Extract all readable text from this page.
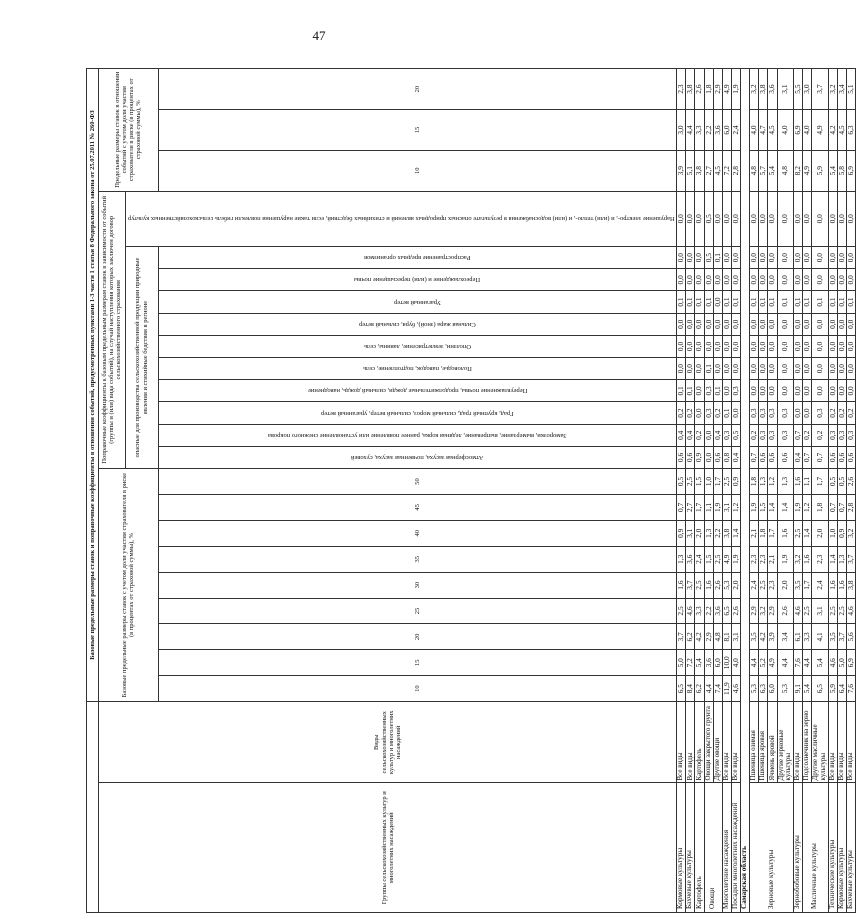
47
		Базовые предельные размеры ставок и поправочные коэффициенты в отношении событий, предусмотренных пунктами 1-3 части 1 статьи 8 Федерального закона от 25.07.2011 № 260-ФЗ																						
Группы сельскохозяйственных культур и многолетних насаждений	Виды сельскохозяйственных культур и многолетних насаждений	Базовые предельные размеры ставок с учетом доли участия страхователя в риске (в процентах от страховой суммы), %									Поправочные коэффициенты к базовым предельным размерам ставок в зависимости от событий (группы и (или) вида событий), на случай наступления которых заключен договор сельскохозяйственного страхования											Предельные размеры ставок в отношении событий с учетом доли участия страхователя в риске (в процентах от страховой суммы), %		
											опасные для производства сельскохозяйственной продукции природные явления и стихийные бедствия в регионе										Нарушение электро-, и (или) тепло-, и (или) водоснабжения в результате опасных природных явлений и стихийных бедствий, если такие нарушения повлекли гибель сельскохозяйственных культур			

		10	15	20	25	30	35	40	45	50	Атмосферная засуха, почвенная засуха, суховей	Заморозки, вымерзание, выпревание, ледяная корка, раннее появление или установление снежного покрова	Град, крупный град, сильный мороз, сильный ветер, ураганный ветер	Переувлажнение почвы, продолжительные дожди, сильный дождь, наводнение	Половодье, паводок, подтопление, сель	Оползни, землетрясение, лавины, сель	Сильная жара (зной), буря, сильный ветер	Ураганный ветер	Переохлаждение и (или) пересыщение почвы	Распространение вредных организмов		10	15	20
Кормовые культуры	Все виды	6,5	5,0	3,7	2,5	1,6	1,3	0,9	0,7	0,5	0,6	0,4	0,2	0,1	0,0	0,0	0,0	0,1	0,0	0,0	0,0	3,9	3,0	2,3
Бахчевые культуры	Все виды	8,4	7,2	6,2	4,6	3,7	3,6	3,1	2,7	2,5	0,6	0,4	0,2	0,1	0,0	0,0	0,0	0,1	0,0	0,0	0,0	5,1	4,4	3,8
Картофель	Картофель	6,2	5,4	4,2	3,3	2,5	2,4	2,0	1,7	1,5	0,9	0,2	0,0	0,0	0,0	0,0	0,0	0,1	0,0	0,0	0,0	3,8	3,3	2,6
Овощи	Овощи закрытого грунта	4,4	3,6	2,9	2,2	1,6	1,5	1,3	1,1	1,0	0,0	0,0	0,3	0,3	0,1	0,0	0,0	0,1	0,0	0,5	0,5	2,7	2,2	1,8
	Другие овощи	7,4	6,0	4,8	3,6	2,6	2,5	2,2	1,9	1,7	0,6	0,4	0,2	0,1	0,0	0,0	0,0	0,0	0,0	0,1	0,0	4,5	3,6	2,9
Многолетние насаждения	Все виды	11,9	10,0	8,1	6,5	5,3	4,9	3,8	3,1	2,5	0,8	0,3	0,1	0,0	0,0	0,0	0,0	0,1	0,0	0,0	0,0	7,2	6,0	4,9
Посадки многолетних насаждений	Все виды	4,6	4,0	3,1	2,6	2,0	1,9	1,4	1,2	0,9	0,4	0,5	0,0	0,3	0,0	0,0	0,0	0,1	0,0	0,0	0,0	2,8	2,4	1,9
Самарская область																								
Зерновые культуры	Пшеница озимая	5,3	4,4	3,5	2,9	2,4	2,3	2,1	1,9	1,8	0,7	0,2	0,3	0,0	0,0	0,0	0,0	0,1	0,0	0,0	0,0	4,8	4,0	3,2
	Пшеница яровая	6,3	5,2	4,2	3,2	2,5	2,3	1,8	1,5	1,3	0,6	0,3	0,3	0,0	0,0	0,0	0,0	0,1	0,0	0,0	0,0	5,7	4,7	3,8
	Ячмень яровой	6,0	4,9	3,9	2,9	2,3	2,1	1,7	1,4	1,2	0,6	0,3	0,3	0,0	0,0	0,0	0,0	0,1	0,0	0,0	0,0	5,4	4,5	3,6
	Другие зерновые культуры	5,3	4,4	3,4	2,6	2,0	1,9	1,6	1,4	1,3	0,6	0,3	0,3	0,0	0,0	0,0	0,0	0,1	0,0	0,0	0,0	4,8	4,0	3,1
Зернобобовые культуры	Все виды	9,1	7,6	6,1	4,6	3,5	3,2	2,5	1,9	1,6	0,4	0,7	0,0	0,0	0,0	0,0	0,0	0,1	0,0	0,0	0,0	8,2	6,9	5,5
Масличные культуры	Подсолнечник на зерно	5,4	4,4	3,3	2,5	1,7	1,6	1,4	1,2	1,1	0,7	0,2	0,0	0,0	0,0	0,0	0,0	0,1	0,0	0,0	0,0	4,9	4,0	3,0
	Другие масличные культуры	6,5	5,4	4,1	3,1	2,4	2,3	2,0	1,8	1,7	0,7	0,2	0,3	0,0	0,0	0,0	0,0	0,1	0,0	0,0	0,0	5,9	4,9	3,7
Технические культуры	Все виды	5,9	4,6	3,5	2,5	1,6	1,4	1,0	0,7	0,5	0,6	0,3	0,2	0,0	0,0	0,0	0,0	0,1	0,0	0,0	0,0	5,4	4,2	3,2
Кормовые культуры	Все виды	6,4	5,0	3,7	2,5	1,6	1,3	0,9	0,7	0,5	0,6	0,3	0,2	0,0	0,0	0,0	0,0	0,1	0,0	0,0	0,0	5,8	4,5	3,4
Бахчевые культуры	Все виды	7,6	6,9	5,6	4,6	3,8	3,7	3,2	2,8	2,6	0,6	0,3	0,2	0,0	0,0	0,0	0,0	0,1	0,0	0,0	0,0	6,9	6,3	5,1
